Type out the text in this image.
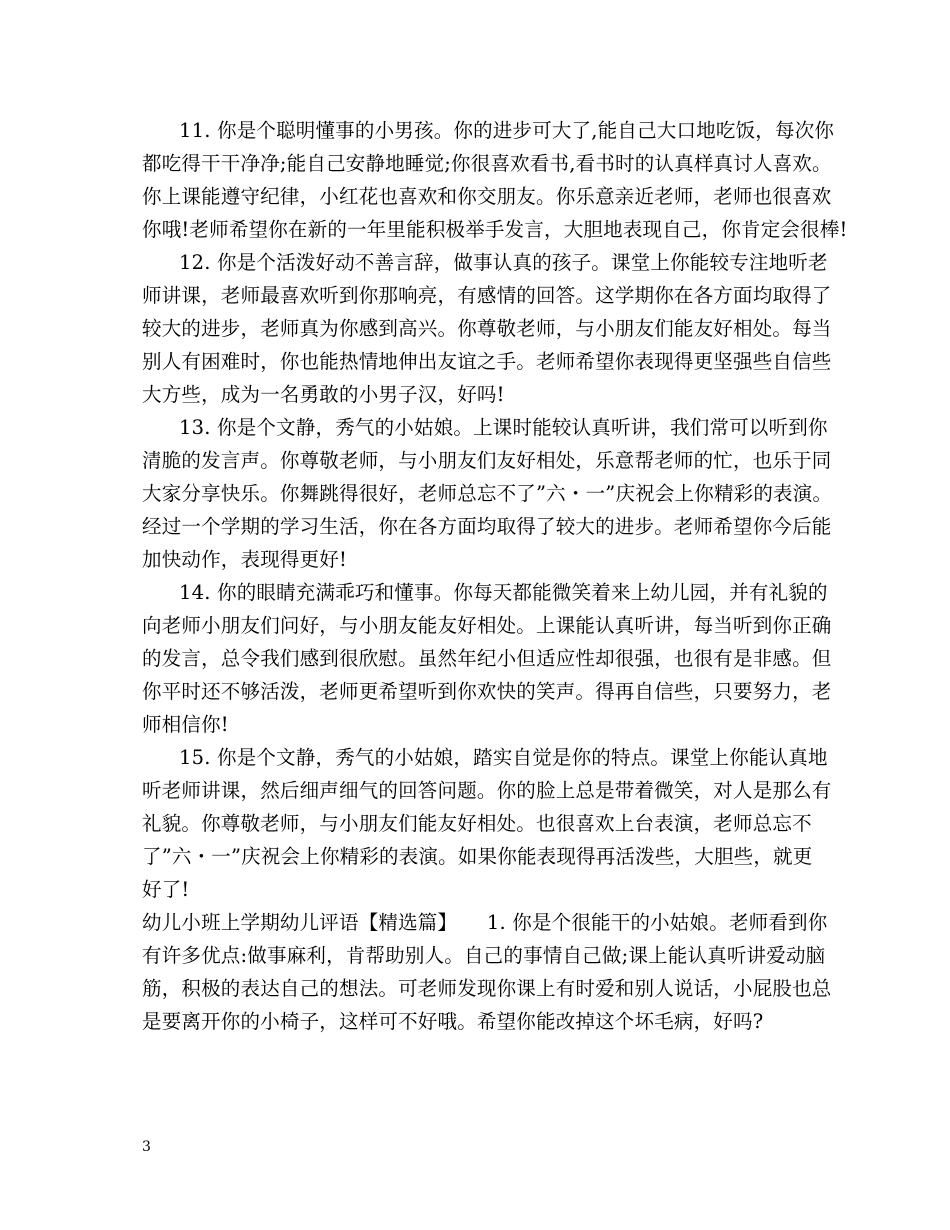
11. 你是个聪明懂事的小男孩。你的进步可大了,能自己大口地吃饭，每次你
都吃得干干净净;能自己安静地睡觉;你很喜欢看书,看书时的认真样真讨人喜欢。
你上课能遵守纪律，小红花也喜欢和你交朋友。你乐意亲近老师，老师也很喜欢
你哦!老师希望你在新的一年里能积极举手发言，大胆地表现自己，你肯定会很棒!
12. 你是个活泼好动不善言辞，做事认真的孩子。课堂上你能较专注地听老
师讲课，老师最喜欢听到你那响亮，有感情的回答。这学期你在各方面均取得了
较大的进步，老师真为你感到高兴。你尊敬老师，与小朋友们能友好相处。每当
别人有困难时，你也能热情地伸出友谊之手。老师希望你表现得更坚强些自信些
大方些，成为一名勇敢的小男子汉，好吗!
13. 你是个文静，秀气的小姑娘。上课时能较认真听讲，我们常可以听到你
清脆的发言声。你尊敬老师，与小朋友们友好相处，乐意帮老师的忙，也乐于同
大家分享快乐。你舞跳得很好，老师总忘不了”六・一”庆祝会上你精彩的表演。
经过一个学期的学习生活，你在各方面均取得了较大的进步。老师希望你今后能
加快动作，表现得更好!
14. 你的眼睛充满乖巧和懂事。你每天都能微笑着来上幼儿园，并有礼貌的
向老师小朋友们问好，与小朋友能友好相处。上课能认真听讲，每当听到你正确
的发言，总令我们感到很欣慰。虽然年纪小但适应性却很强，也很有是非感。但
你平时还不够活泼，老师更希望听到你欢快的笑声。得再自信些，只要努力，老
师相信你!
15. 你是个文静，秀气的小姑娘，踏实自觉是你的特点。课堂上你能认真地
听老师讲课，然后细声细气的回答问题。你的脸上总是带着微笑，对人是那么有
礼貌。你尊敬老师，与小朋友们能友好相处。也很喜欢上台表演，老师总忘不
了”六・一”庆祝会上你精彩的表演。如果你能表现得再活泼些，大胆些，就更
好了!
幼儿小班上学期幼儿评语【精选篇】　　1. 你是个很能干的小姑娘。老师看到你
有许多优点:做事麻利，肯帮助别人。自己的事情自己做;课上能认真听讲爱动脑
筋，积极的表达自己的想法。可老师发现你课上有时爱和别人说话，小屁股也总
是要离开你的小椅子，这样可不好哦。希望你能改掉这个坏毛病，好吗?
3
